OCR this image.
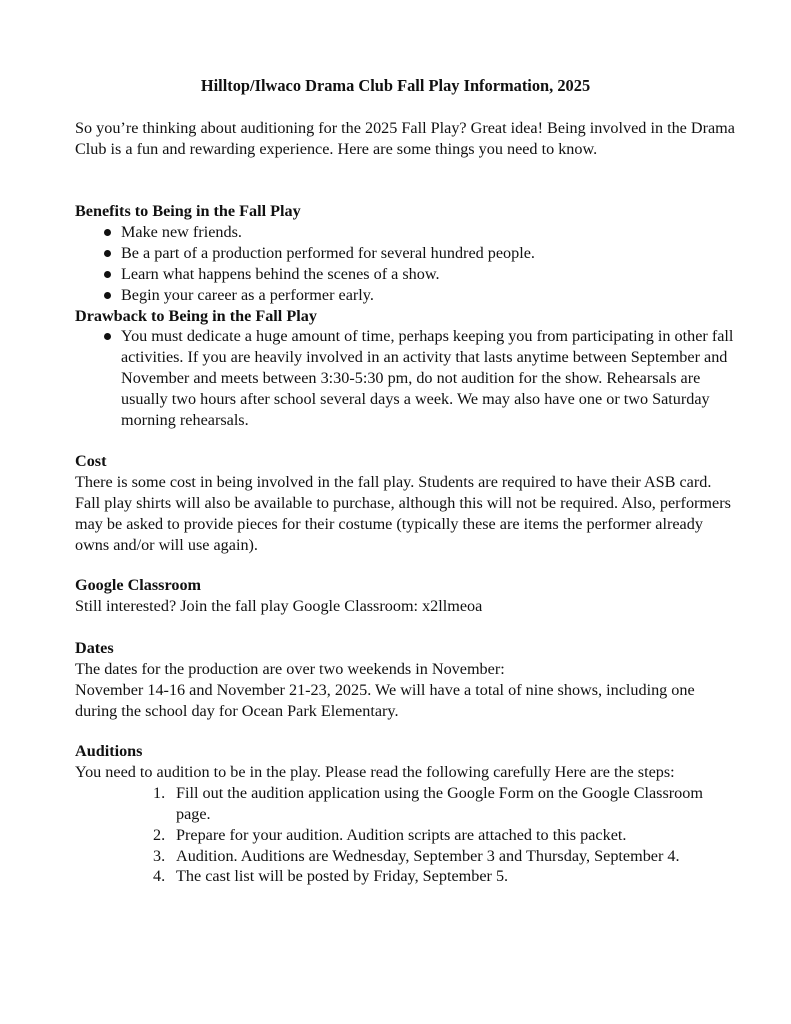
Hilltop/Ilwaco Drama Club Fall Play Information, 2025

So you’re thinking about auditioning for the 2025 Fall Play? Great idea! Being involved in the Drama Club is a fun and rewarding experience. Here are some things you need to know.

Benefits to Being in the Fall Play
Make new friends.
Be a part of a production performed for several hundred people.
Learn what happens behind the scenes of a show.
Begin your career as a performer early.
Drawback to Being in the Fall Play
You must dedicate a huge amount of time, perhaps keeping you from participating in other fall activities. If you are heavily involved in an activity that lasts anytime between September and November and meets between 3:30-5:30 pm, do not audition for the show. Rehearsals are usually two hours after school several days a week. We may also have one or two Saturday morning rehearsals.
Cost

There is some cost in being involved in the fall play. Students are required to have their ASB card. Fall play shirts will also be available to purchase, although this will not be required. Also, performers may be asked to provide pieces for their costume (typically these are items the performer already owns and/or will use again).

Google Classroom

Still interested? Join the fall play Google Classroom: x2llmeoa

Dates

The dates for the production are over two weekends in November:

November 14-16 and November 21-23, 2025. We will have a total of nine shows, including one during the school day for Ocean Park Elementary.

Auditions

You need to audition to be in the play. Please read the following carefully Here are the steps:

1. Fill out the audition application using the Google Form on the Google Classroom page.
2. Prepare for your audition. Audition scripts are attached to this packet.
3. Audition. Auditions are Wednesday, September 3 and Thursday, September 4.
4. The cast list will be posted by Friday, September 5.
